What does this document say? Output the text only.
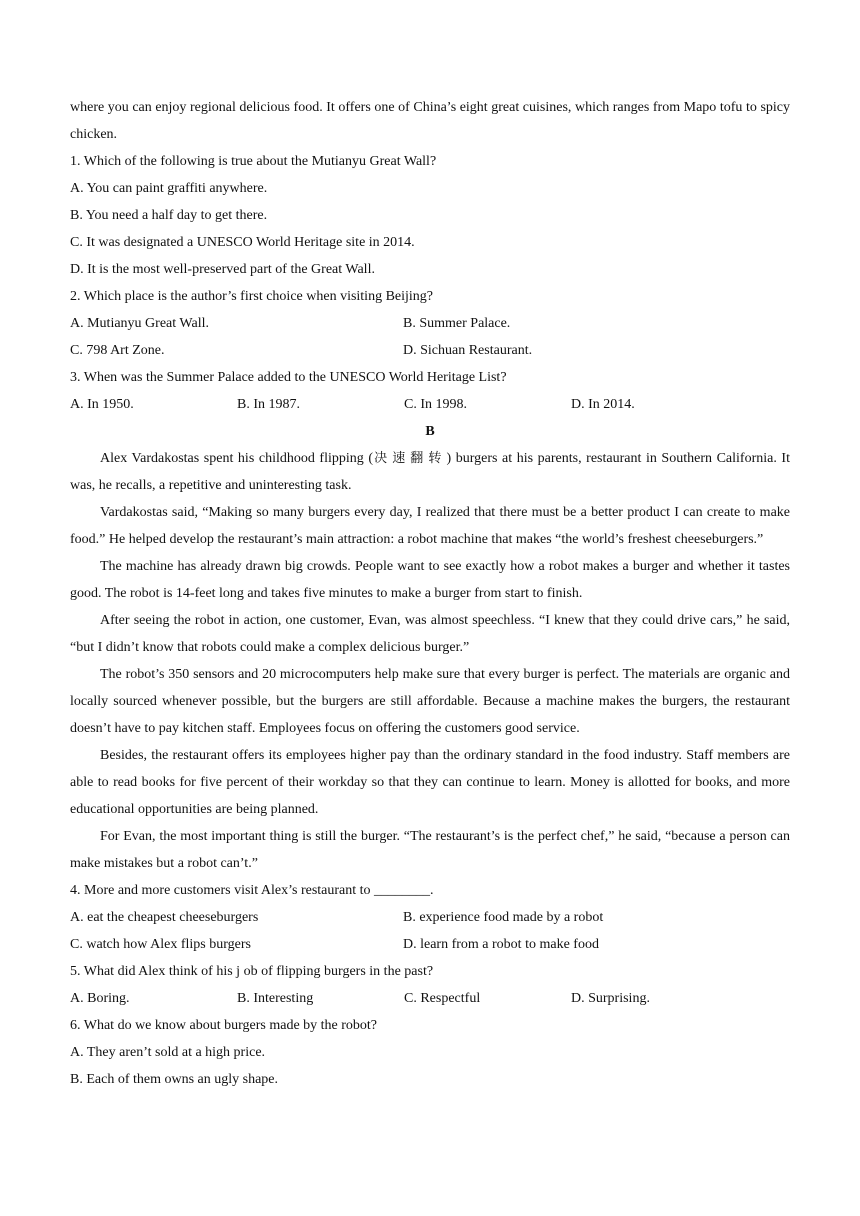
where you can enjoy regional delicious food. It offers one of China’s eight great cuisines, which ranges from Mapo tofu to spicy chicken.

1. Which of the following is true about the Mutianyu Great Wall?

A. You can paint graffiti anywhere.

B. You need a half day to get there.

C. It was designated a UNESCO World Heritage site in 2014.

D. It is the most well-preserved part of the Great Wall.

2. Which place is the author’s first choice when visiting Beijing?

A. Mutianyu Great Wall.	B. Summer Palace.
C. 798 Art Zone.	D. Sichuan Restaurant.

3. When was the Summer Palace added to the UNESCO World Heritage List?

A. In 1950.	B. In 1987.	C. In 1998.	D. In 2014.

B

Alex Vardakostas spent his childhood flipping (决速翻转) burgers at his parents, restaurant in Southern California. It was, he recalls, a repetitive and uninteresting task.

Vardakostas said, “Making so many burgers every day, I realized that there must be a better product I can create to make food.” He helped develop the restaurant’s main attraction: a robot machine that makes “the world’s freshest cheeseburgers.”

The machine has already drawn big crowds. People want to see exactly how a robot makes a burger and whether it tastes good. The robot is 14-feet long and takes five minutes to make a burger from start to finish.

After seeing the robot in action, one customer, Evan, was almost speechless. “I knew that they could drive cars,” he said, “but I didn’t know that robots could make a complex delicious burger.”

The robot’s 350 sensors and 20 microcomputers help make sure that every burger is perfect. The materials are organic and locally sourced whenever possible, but the burgers are still affordable. Because a machine makes the burgers, the restaurant doesn’t have to pay kitchen staff. Employees focus on offering the customers good service.

Besides, the restaurant offers its employees higher pay than the ordinary standard in the food industry. Staff members are able to read books for five percent of their workday so that they can continue to learn. Money is allotted for books, and more educational opportunities are being planned.

For Evan, the most important thing is still the burger. “The restaurant’s is the perfect chef,” he said, “because a person can make mistakes but a robot can’t.”

4. More and more customers visit Alex’s restaurant to ________.

A. eat the cheapest cheeseburgers	B. experience food made by a robot
C. watch how Alex flips burgers	D. learn from a robot to make food

5. What did Alex think of his j ob of flipping burgers in the past?

A. Boring.	B. Interesting	C. Respectful	D. Surprising.

6. What do we know about burgers made by the robot?

A. They aren’t sold at a high price.

B. Each of them owns an ugly shape.
